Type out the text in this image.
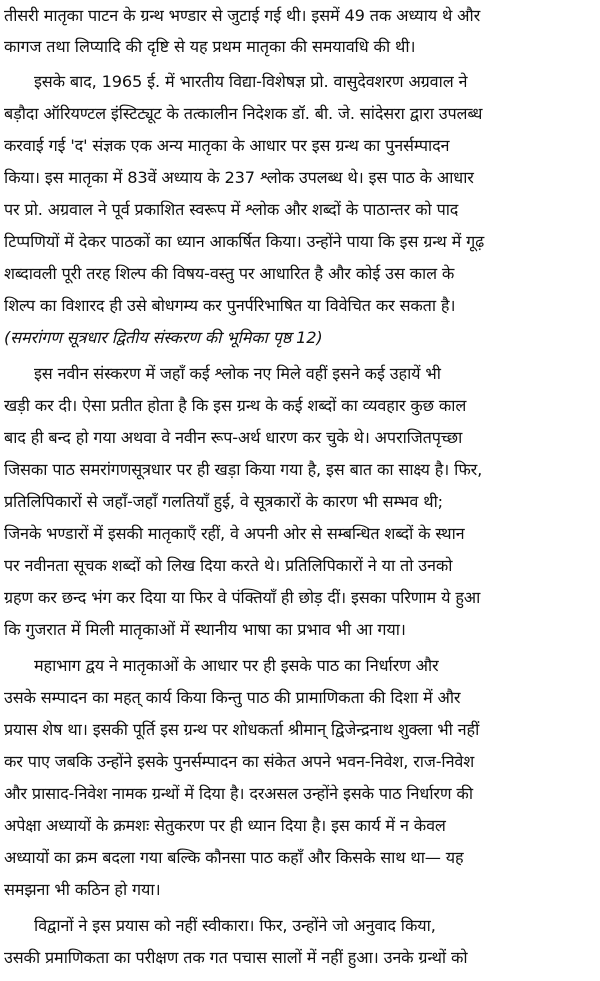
तीसरी मातृका पाटन के ग्रन्थ भण्डार से जुटाई गई थी। इसमें 49 तक अध्याय थे और
कागज तथा लिप्यादि की दृष्टि से यह प्रथम मातृका की समयावधि की थी।
इसके बाद, 1965 ई. में भारतीय विद्या-विशेषज्ञ प्रो. वासुदेवशरण अग्रवाल ने
बड़ौदा ऑरियण्टल इंस्टिट्यूट के तत्कालीन निदेशक डॉ. बी. जे. सांदेसरा द्वारा उपलब्ध
करवाई गई 'द' संज्ञक एक अन्य मातृका के आधार पर इस ग्रन्थ का पुनर्सम्पादन
किया। इस मातृका में 83वें अध्याय के 237 श्लोक उपलब्ध थे। इस पाठ के आधार
पर प्रो. अग्रवाल ने पूर्व प्रकाशित स्वरूप में श्लोक और शब्दों के पाठान्तर को पाद
टिप्पणियों में देकर पाठकों का ध्यान आकर्षित किया। उन्होंने पाया कि इस ग्रन्थ में गूढ़
शब्दावली पूरी तरह शिल्प की विषय-वस्तु पर आधारित है और कोई उस काल के
शिल्प का विशारद ही उसे बोधगम्य कर पुनर्परिभाषित या विवेचित कर सकता है।
(समरांगण सूत्रधार द्वितीय संस्करण की भूमिका पृष्ठ 12)
इस नवीन संस्करण में जहाँ कई श्लोक नए मिले वहीं इसने कई उहायें भी
खड़ी कर दी। ऐसा प्रतीत होता है कि इस ग्रन्थ के कई शब्दों का व्यवहार कुछ काल
बाद ही बन्द हो गया अथवा वे नवीन रूप-अर्थ धारण कर चुके थे। अपराजितपृच्छा
जिसका पाठ समरांगणसूत्रधार पर ही खड़ा किया गया है, इस बात का साक्ष्य है। फिर,
प्रतिलिपिकारों से जहाँ-जहाँ गलतियाँ हुई, वे सूत्रकारों के कारण भी सम्भव थी;
जिनके भण्डारों में इसकी मातृकाएँ रहीं, वे अपनी ओर से सम्बन्धित शब्दों के स्थान
पर नवीनता सूचक शब्दों को लिख दिया करते थे। प्रतिलिपिकारों ने या तो उनको
ग्रहण कर छन्द भंग कर दिया या फिर वे पंक्तियाँ ही छोड़ दीं। इसका परिणाम ये हुआ
कि गुजरात में मिली मातृकाओं में स्थानीय भाषा का प्रभाव भी आ गया।
महाभाग द्वय ने मातृकाओं के आधार पर ही इसके पाठ का निर्धारण और
उसके सम्पादन का महत् कार्य किया किन्तु पाठ की प्रामाणिकता की दिशा में और
प्रयास शेष था। इसकी पूर्ति इस ग्रन्थ पर शोधकर्ता श्रीमान् द्विजेन्द्रनाथ शुक्ला भी नहीं
कर पाए जबकि उन्होंने इसके पुनर्सम्पादन का संकेत अपने भवन-निवेश, राज-निवेश
और प्रासाद-निवेश नामक ग्रन्थों में दिया है। दरअसल उन्होंने इसके पाठ निर्धारण की
अपेक्षा अध्यायों के क्रमशः सेतुकरण पर ही ध्यान दिया है। इस कार्य में न केवल
अध्यायों का क्रम बदला गया बल्कि कौनसा पाठ कहाँ और किसके साथ था— यह
समझना भी कठिन हो गया।
विद्वानों ने इस प्रयास को नहीं स्वीकारा। फिर, उन्होंने जो अनुवाद किया,
उसकी प्रमाणिकता का परीक्षण तक गत पचास सालों में नहीं हुआ। उनके ग्रन्थों को
